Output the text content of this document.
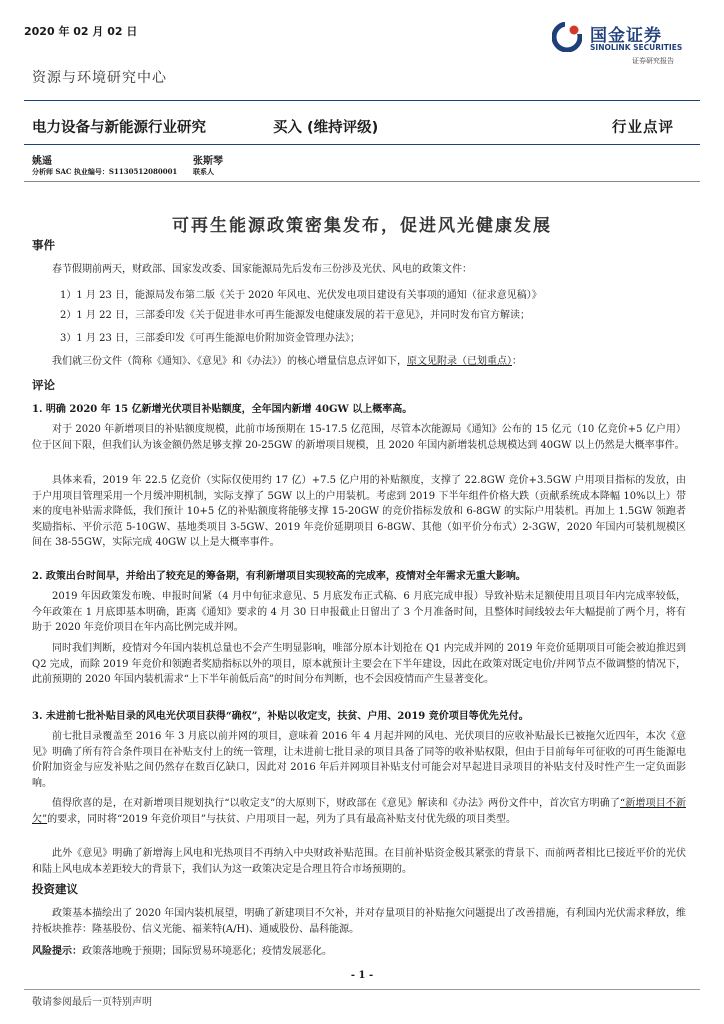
2020 年 02 月 02 日	国金证券
SINOLINK SECURITIES
证券研究报告
资源与环境研究中心
电力设备与新能源行业研究	买入 (维持评级)	行业点评
姚遥
分析师 SAC 执业编号：S1130512080001
张斯琴
联系人
可再生能源政策密集发布，促进风光健康发展
事件
春节假期前两天，财政部、国家发改委、国家能源局先后发布三份涉及光伏、风电的政策文件：
1）1 月 23 日，能源局发布第二版《关于 2020 年风电、光伏发电项目建设有关事项的通知（征求意见稿）》
2）1 月 22 日，三部委印发《关于促进非水可再生能源发电健康发展的若干意见》，并同时发布官方解读；
3）1 月 23 日，三部委印发《可再生能源电价附加资金管理办法》；
我们就三份文件（简称《通知》、《意见》和《办法》）的核心增量信息点评如下，原文见附录（已划重点）：
评论
1. 明确 2020 年 15 亿新增光伏项目补贴额度，全年国内新增 40GW 以上概率高。
对于 2020 年新增项目的补贴额度规模，此前市场预期在 15-17.5 亿范围，尽管本次能源局《通知》公布的 15 亿元（10 亿竞价+5 亿户用）位于区间下限，但我们认为该金额仍然足够支撑 20-25GW 的新增项目规模，且 2020 年国内新增装机总规模达到 40GW 以上仍然是大概率事件。
具体来看，2019 年 22.5 亿竞价（实际仅使用约 17 亿）+7.5 亿户用的补贴额度，支撑了 22.8GW 竞价+3.5GW 户用项目指标的发放，由于户用项目管理采用一个月缓冲期机制，实际支撑了 5GW 以上的户用装机。考虑到 2019 下半年组件价格大跌（贡献系统成本降幅 10%以上）带来的度电补贴需求降低，我们预计 10+5 亿的补贴额度将能够支撑 15-20GW 的竞价指标发放和 6-8GW 的实际户用装机。再加上 1.5GW 领跑者奖励指标、平价示范 5-10GW、基地类项目 3-5GW、2019 年竞价延期项目 6-8GW、其他（如平价分布式）2-3GW，2020 年国内可装机规模区间在 38-55GW，实际完成 40GW 以上是大概率事件。
2. 政策出台时间早，并给出了较充足的筹备期，有利新增项目实现较高的完成率，疫情对全年需求无重大影响。
2019 年因政策发布晚、申报时间紧（4 月中旬征求意见、5 月底发布正式稿、6 月底完成申报）导致补贴未足额使用且项目年内完成率较低，今年政策在 1 月底即基本明确，距离《通知》要求的 4 月 30 日申报截止日留出了 3 个月准备时间，且整体时间线较去年大幅提前了两个月，将有助于 2020 年竞价项目在年内高比例完成并网。
同时我们判断，疫情对今年国内装机总量也不会产生明显影响，唯部分原本计划抢在 Q1 内完成并网的 2019 年竞价延期项目可能会被迫推迟到 Q2 完成，而除 2019 年竞价和领跑者奖励指标以外的项目，原本就预计主要会在下半年建设，因此在政策对既定电价/并网节点不做调整的情况下，此前预期的 2020 年国内装机需求“上下半年前低后高”的时间分布判断，也不会因疫情而产生显著变化。
3. 未进前七批补贴目录的风电光伏项目获得“确权”，补贴以收定支，扶贫、户用、2019 竞价项目等优先兑付。
前七批目录覆盖至 2016 年 3 月底以前并网的项目，意味着 2016 年 4 月起并网的风电、光伏项目的应收补贴最长已被拖欠近四年，本次《意见》明确了所有符合条件项目在补贴支付上的统一管理，让未进前七批目录的项目具备了同等的收补贴权限，但由于目前每年可征收的可再生能源电价附加资金与应发补贴之间仍然存在数百亿缺口，因此对 2016 年后并网项目补贴支付可能会对早起进目录项目的补贴支付及时性产生一定负面影响。
值得欣喜的是，在对新增项目规划执行“以收定支”的大原则下，财政部在《意见》解读和《办法》两份文件中，首次官方明确了“新增项目不新欠”的要求，同时将“2019 年竞价项目”与扶贫、户用项目一起，列为了具有最高补贴支付优先级的项目类型。
此外《意见》明确了新增海上风电和光热项目不再纳入中央财政补贴范围。在目前补贴资金极其紧张的背景下、而前两者相比已接近平价的光伏和陆上风电成本差距较大的背景下，我们认为这一政策决定是合理且符合市场预期的。
投资建议
政策基本描绘出了 2020 年国内装机展望，明确了新建项目不欠补，并对存量项目的补贴拖欠问题提出了改善措施，有利国内光伏需求释放，维持板块推荐：隆基股份、信义光能、福莱特(A/H)、通威股份、晶科能源。
风险提示：政策落地晚于预期；国际贸易环境恶化；疫情发展恶化。
- 1 -
敬请参阅最后一页特别声明
